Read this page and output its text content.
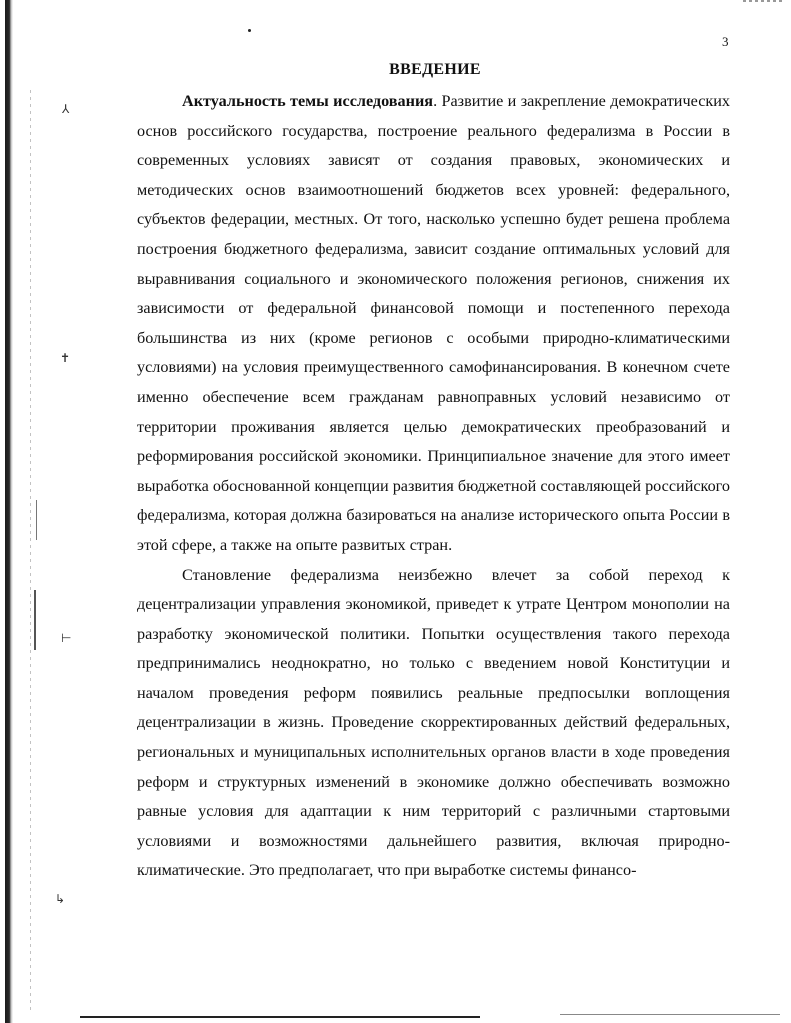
⅄
✝
⊢
↳
3
ВВЕДЕНИЕ

Актуальность темы исследования. Развитие и закрепление демократических основ российского государства, построение реального федерализма в России в современных условиях зависят от создания правовых, экономических и методических основ взаимоотношений бюджетов всех уровней: федерального, субъектов федерации, местных. От того, насколько успешно будет решена проблема построения бюджетного федерализма, зависит создание оптимальных условий для выравнивания социального и экономического положения регионов, снижения их зависимости от федеральной финансовой помощи и постепенного перехода большинства из них (кроме регионов с особыми природно-климатическими условиями) на условия преимущественного самофинансирования. В конечном счете именно обеспечение всем гражданам равноправных условий независимо от территории проживания является целью демократических преобразований и реформирования российской экономики. Принципиальное значение для этого имеет выработка обоснованной концепции развития бюджетной составляющей российского федерализма, которая должна базироваться на анализе исторического опыта России в этой сфере, а также на опыте развитых стран.

Становление федерализма неизбежно влечет за собой переход к децентрализации управления экономикой, приведет к утрате Центром монополии на разработку экономической политики. Попытки осуществления такого перехода предпринимались неоднократно, но только с введением новой Конституции и началом проведения реформ появились реальные предпосылки воплощения децентрализации в жизнь. Проведение скорректированных действий федеральных, региональных и муниципальных исполнительных органов власти в ходе проведения реформ и структурных изменений в экономике должно обеспечивать возможно равные условия для адаптации к ним территорий с различными стартовыми условиями и возможностями дальнейшего развития, включая природно-климатические. Это предполагает, что при выработке системы финансо-
